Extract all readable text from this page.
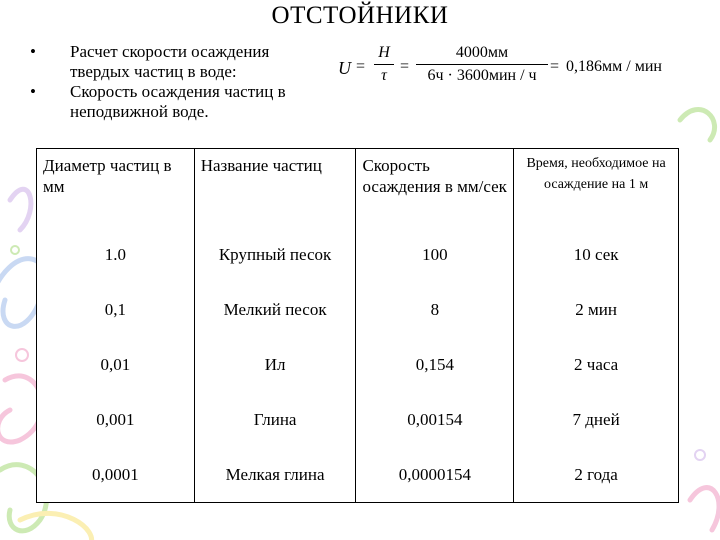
ОТСТОЙНИКИ
• Расчет скорости осаждения твердых частиц в воде:
• Скорость осаждения частиц в неподвижной воде.
$U = \frac{H}{\tau}$ =
4000мм
6ч · 3600мин / ч
= 0,186мм / мин
Диаметр частиц в мм	Название частиц	Скорость осаждения в мм/сек	Время, необходимое на осаждение на 1 м
1.0	Крупный песок	100	10 сек
0,1	Мелкий песок	8	2 мин
0,01	Ил	0,154	2 часа
0,001	Глина	0,00154	7 дней
0,0001	Мелкая глина	0,0000154	2 года
